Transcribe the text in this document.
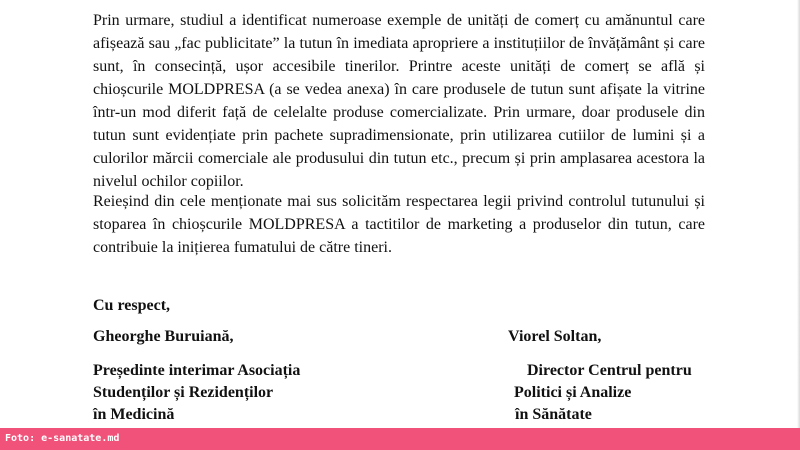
Prin urmare, studiul a identificat numeroase exemple de unități de comerț cu amănuntul care afișează sau „fac publicitate” la tutun în imediata apropriere a instituțiilor de învățământ și care sunt, în consecință, ușor accesibile tinerilor. Printre aceste unități de comerț se află și chioșcurile MOLDPRESA (a se vedea anexa) în care produsele de tutun sunt afișate la vitrine într-un mod diferit față de celelalte produse comercializate. Prin urmare, doar produsele din tutun sunt evidențiate prin pachete supradimensionate, prin utilizarea cutiilor de lumini și a culorilor mărcii comerciale ale produsului din tutun etc., precum și prin amplasarea acestora la nivelul ochilor copiilor.

Reieșind din cele menționate mai sus solicităm respectarea legii privind controlul tutunului și stoparea în chioșcurile MOLDPRESA a tactitilor de marketing a produselor din tutun, care contribuie la inițierea fumatului de către tineri.

Cu respect,

Gheorghe Buruiană,	Viorel Soltan,

Președinte interimar Asociația
Studenților și Rezidenților
în Medicină
Director Centrul pentru
Politici și Analize
în Sănătate
Foto: e-sanatate.md
